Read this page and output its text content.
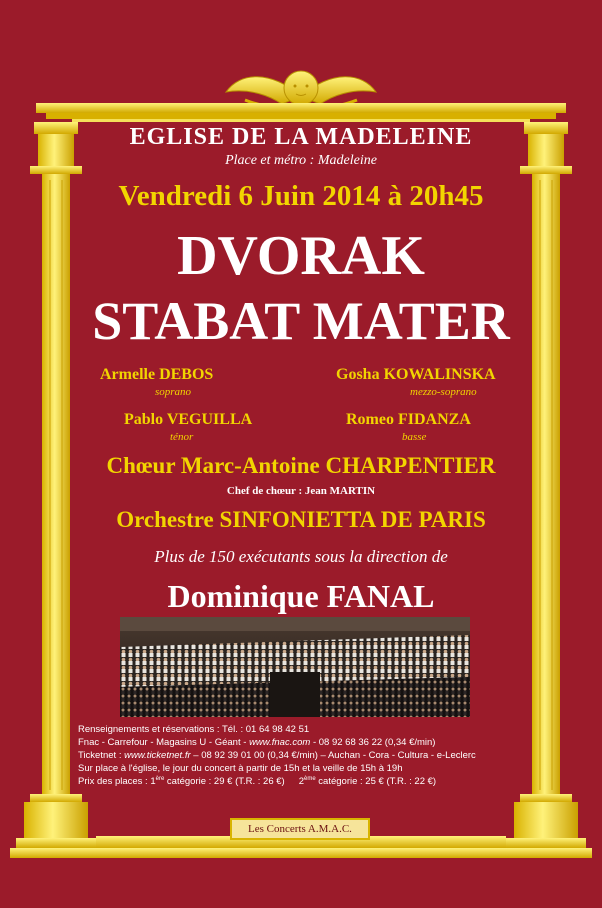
EGLISE DE LA MADELEINE
Place et métro : Madeleine
Vendredi 6 Juin 2014 à 20h45
DVORAK
STABAT MATER
Armelle DEBOS
soprano
Gosha KOWALINSKA
mezzo-soprano
Pablo VEGUILLA
ténor
Romeo FIDANZA
basse
Chœur Marc-Antoine CHARPENTIER
Chef de chœur : Jean MARTIN
Orchestre SINFONIETTA DE PARIS
Plus de 150 exécutants sous la direction de
Dominique FANAL
Renseignements et réservations : Tél. : 01 64 98 42 51
Fnac - Carrefour - Magasins U - Géant - www.fnac.com - 08 92 68 36 22 (0,34 €/min)
Ticketnet : www.ticketnet.fr – 08 92 39 01 00 (0,34 €/min) – Auchan - Cora - Cultura - e-Leclerc
Sur place à l'église, le jour du concert à partir de 15h et la veille de 15h à 19h
Prix des places : 1ère catégorie : 29 € (T.R. : 26 €) 2ème catégorie : 25 € (T.R. : 22 €)
Les Concerts A.M.A.C.
